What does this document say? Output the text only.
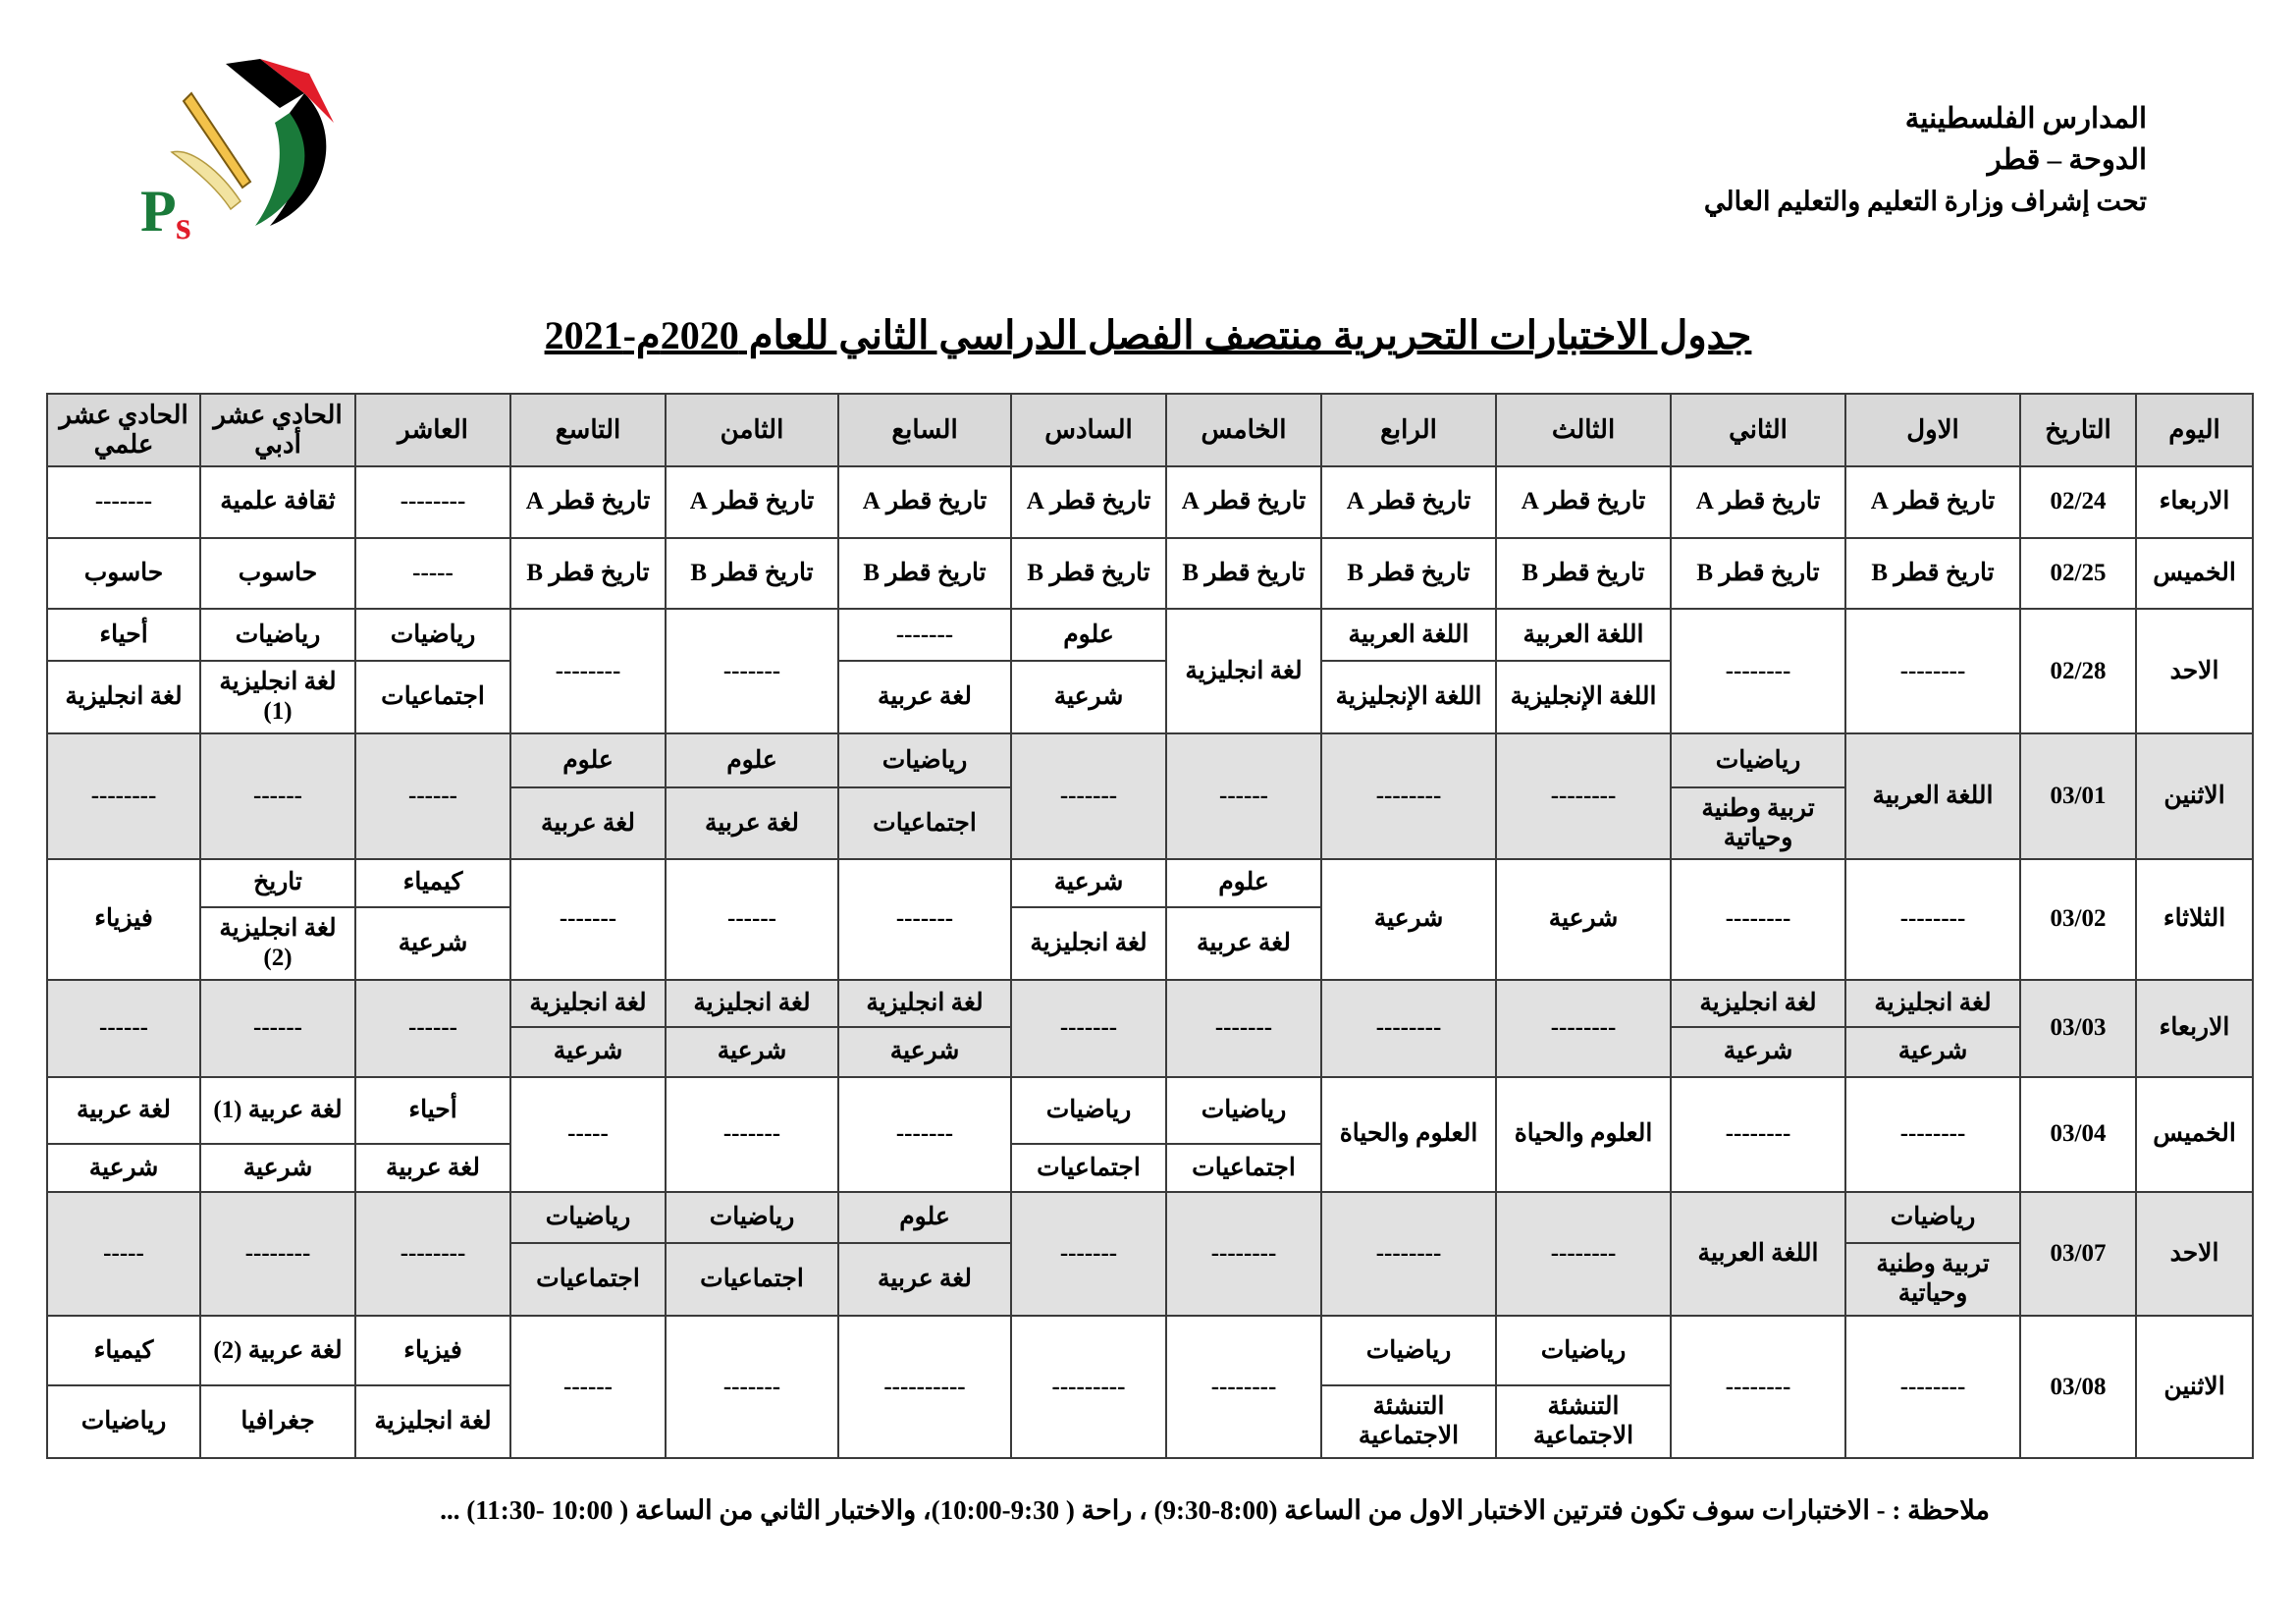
P s
المدارس الفلسطينية
الدوحة – قطر
تحت إشراف وزارة التعليم والتعليم العالي
جدول الاختبارات التحريرية منتصف الفصل الدراسي الثاني للعام 2020م-2021
اليوم	التاريخ	الاول	الثاني	الثالث	الرابع	الخامس	السادس	السابع	الثامن	التاسع	العاشر	الحادي عشر أدبي	الحادي عشر علمي
الاربعاء	02/24	تاريخ قطر A	تاريخ قطر A	تاريخ قطر A	تاريخ قطر A	تاريخ قطر A	تاريخ قطر A	تاريخ قطر A	تاريخ قطر A	تاريخ قطر A	--------	ثقافة علمية	-------
الخميس	02/25	تاريخ قطر B	تاريخ قطر B	تاريخ قطر B	تاريخ قطر B	تاريخ قطر B	تاريخ قطر B	تاريخ قطر B	تاريخ قطر B	تاريخ قطر B	-----	حاسوب	حاسوب
الاحد	02/28	--------	--------	اللغة العربية	اللغة العربية	لغة انجليزية	علوم	-------	-------	--------	رياضيات	رياضيات	أحياء
				اللغة الإنجليزية	اللغة الإنجليزية		شرعية	لغة عربية			اجتماعيات	لغة انجليزية (1)	لغة انجليزية
الاثنين	03/01	اللغة العربية	رياضيات	--------	--------	------	-------	رياضيات	علوم	علوم	------	------	--------
			تربية وطنية وحياتية					اجتماعيات	لغة عربية	لغة عربية			
الثلاثاء	03/02	--------	--------	شرعية	شرعية	علوم	شرعية	-------	------	-------	كيمياء	تاريخ	فيزياء
						لغة عربية	لغة انجليزية				شرعية	لغة انجليزية (2)	
الاربعاء	03/03	لغة انجليزية	لغة انجليزية	--------	--------	-------	-------	لغة انجليزية	لغة انجليزية	لغة انجليزية	------	------	------
		شرعية	شرعية					شرعية	شرعية	شرعية			
الخميس	03/04	--------	--------	العلوم والحياة	العلوم والحياة	رياضيات	رياضيات	-------	-------	-----	أحياء	لغة عربية (1)	لغة عربية
						اجتماعيات	اجتماعيات				لغة عربية	شرعية	شرعية
الاحد	03/07	رياضيات	اللغة العربية	--------	--------	--------	-------	علوم	رياضيات	رياضيات	--------	--------	-----
		تربية وطنية وحياتية						لغة عربية	اجتماعيات	اجتماعيات			
الاثنين	03/08	--------	--------	رياضيات	رياضيات	--------	---------	----------	-------	------	فيزياء	لغة عربية (2)	كيمياء
				التنشئة الاجتماعية	التنشئة الاجتماعية						لغة انجليزية	جغرافيا	رياضيات
ملاحظة : - الاختبارات سوف تكون فترتين الاختبار الاول من الساعة (8:00-9:30) ، راحة ( 9:30-10:00)، والاختبار الثاني من الساعة ( 10:00 -11:30) ...
